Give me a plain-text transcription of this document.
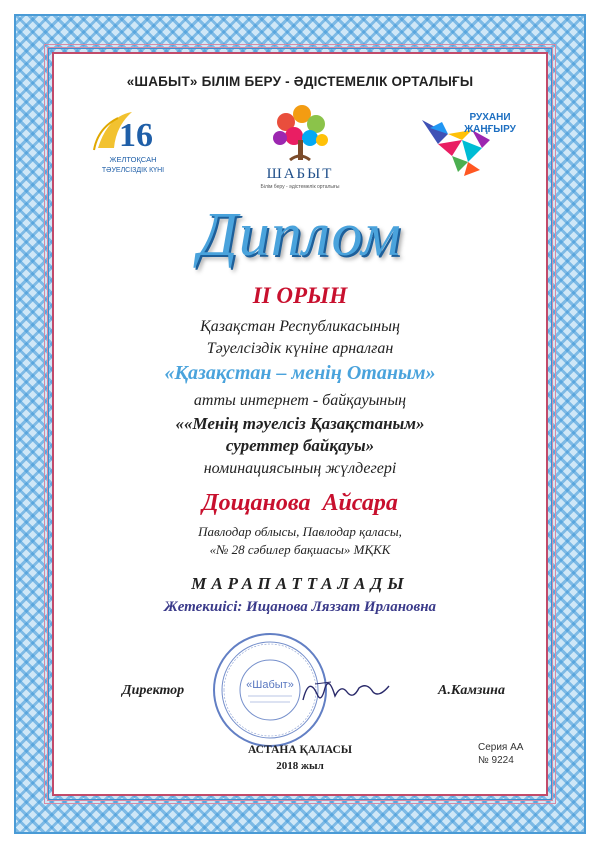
«ШАБЫТ» БІЛІМ БЕРУ - ӘДІСТЕМЕЛІК ОРТАЛЫҒЫ
16
ЖЕЛТОҚСАН
ТӘУЕЛСІЗДІК КҮНІ	ШАБЫТ
Білім беру - әдістемелік орталығы
РУХАНИ
ЖАҢҒЫРУ
Диплом
II ОРЫН
Қазақстан Республикасының
Тәуелсіздік күніне арналған
«Қазақстан – менің Отаным»
атты интернет - байқауының
««Менің тәуелсіз Қазақстаным»
суреттер байқауы»
номинациясының жүлдегері
Дощанова Айсара
Павлодар облысы, Павлодар қаласы,
«№ 28 сәбилер бақшасы» МҚКК
МАРАПАТТАЛАДЫ
Жетекшісі: Ищанова Ляззат Ирлановна
Директор	«Шабыт»	А.Камзина
АСТАНА ҚАЛАСЫ
2018 жыл
Серия АА
№ 9224
